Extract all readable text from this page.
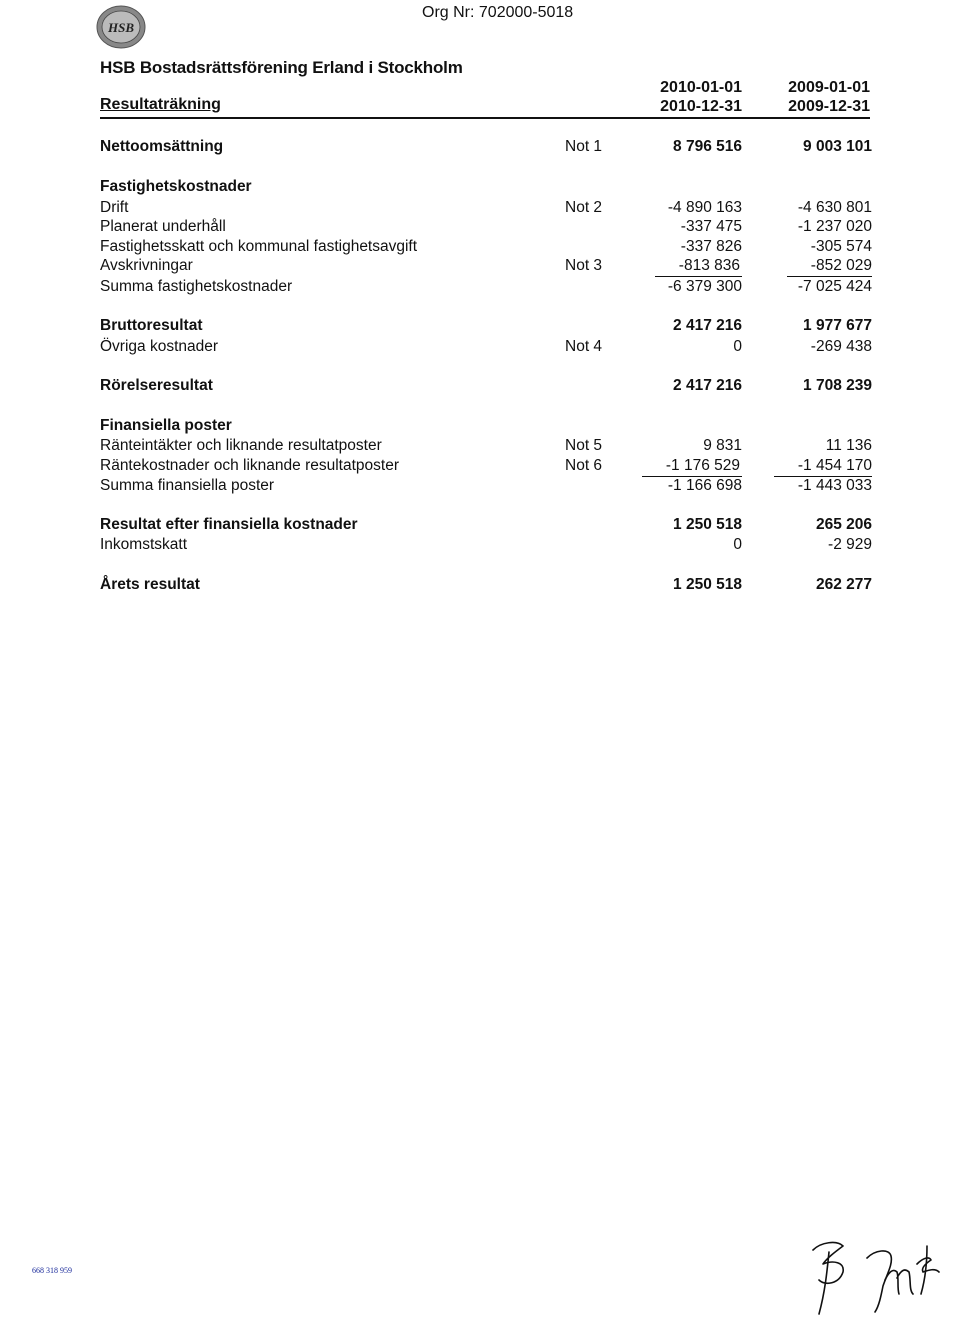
HSB
Org Nr: 702000-5018
HSB Bostadsrättsförening Erland i Stockholm
Resultaträkning
2010-01-01
2010-12-31
2009-01-01
2009-12-31
Nettoomsättning	Not 1	8 796 516	9 003 101
Fastighetskostnader
Drift	Not 2	-4 890 163	-4 630 801
Planerat underhåll	-337 475	-1 237 020
Fastighetsskatt och kommunal fastighetsavgift	-337 826	-305 574
Avskrivningar	Not 3	-813 836	-852 029
Summa fastighetskostnader	-6 379 300	-7 025 424
Bruttoresultat	2 417 216	1 977 677
Övriga kostnader	Not 4	0	-269 438
Rörelseresultat	2 417 216	1 708 239
Finansiella poster
Ränteintäkter och liknande resultatposter	Not 5	9 831	11 136
Räntekostnader och liknande resultatposter	Not 6	-1 176 529	-1 454 170
Summa finansiella poster	-1 166 698	-1 443 033
Resultat efter finansiella kostnader	1 250 518	265 206
Inkomstskatt	0	-2 929
Årets resultat	1 250 518	262 277
668 318 959
